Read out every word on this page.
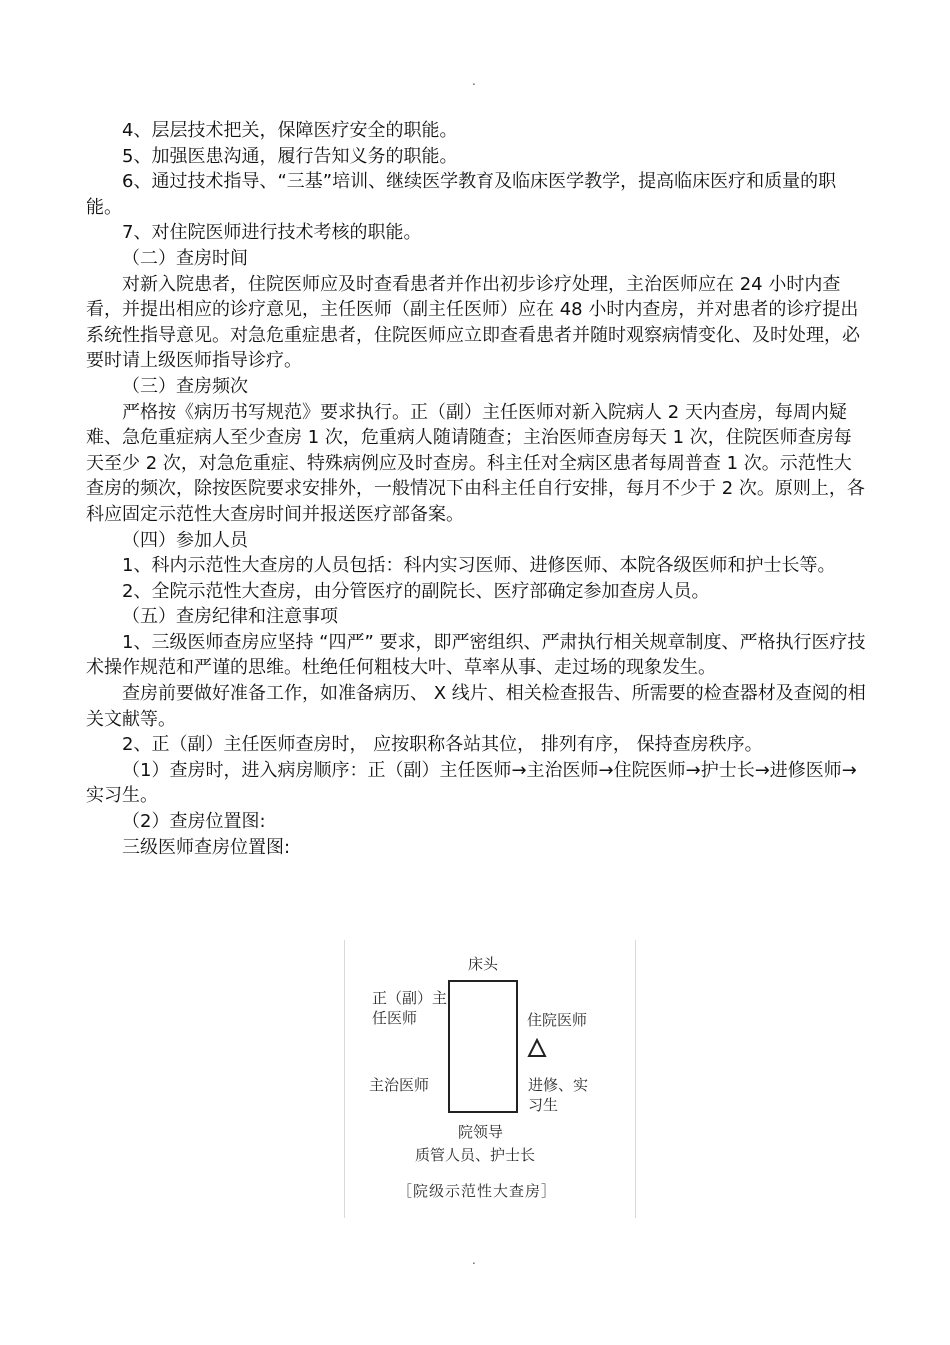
.

4、层层技术把关，保障医疗安全的职能。

5、加强医患沟通，履行告知义务的职能。

6、通过技术指导、“三基”培训、继续医学教育及临床医学教学，提高临床医疗和质量的职能。

7、对住院医师进行技术考核的职能。

（二）查房时间

对新入院患者，住院医师应及时查看患者并作出初步诊疗处理，主治医师应在 24 小时内查看，并提出相应的诊疗意见，主任医师（副主任医师）应在 48 小时内查房，并对患者的诊疗提出系统性指导意见。对急危重症患者，住院医师应立即查看患者并随时观察病情变化、及时处理，必要时请上级医师指导诊疗。

（三）查房频次

严格按《病历书写规范》要求执行。正（副）主任医师对新入院病人 2 天内查房，每周内疑难、急危重症病人至少查房 1 次，危重病人随请随查；主治医师查房每天 1 次，住院医师查房每天至少 2 次，对急危重症、特殊病例应及时查房。科主任对全病区患者每周普查 1 次。示范性大查房的频次，除按医院要求安排外，一般情况下由科主任自行安排，每月不少于 2 次。原则上，各科应固定示范性大查房时间并报送医疗部备案。

（四）参加人员

1、科内示范性大查房的人员包括：科内实习医师、进修医师、本院各级医师和护士长等。

2、全院示范性大查房，由分管医疗的副院长、医疗部确定参加查房人员。

（五）查房纪律和注意事项

1、三级医师查房应坚持 “四严” 要求，即严密组织、严肃执行相关规章制度、严格执行医疗技术操作规范和严谨的思维。杜绝任何粗枝大叶、草率从事、走过场的现象发生。

查房前要做好准备工作，如准备病历、 X 线片、相关检查报告、所需要的检查器材及查阅的相关文献等。

2、正（副）主任医师查房时， 应按职称各站其位， 排列有序， 保持查房秩序。

（1）查房时，进入病房顺序：正（副）主任医师→主治医师→住院医师→护士长→进修医师→实习生。

（2）查房位置图:

三级医师查房位置图:

床头
正（副）主任医师	住院医师
主治医师	进修、实习生
院领导
质管人员、护士长
［院级示范性大查房］
.
